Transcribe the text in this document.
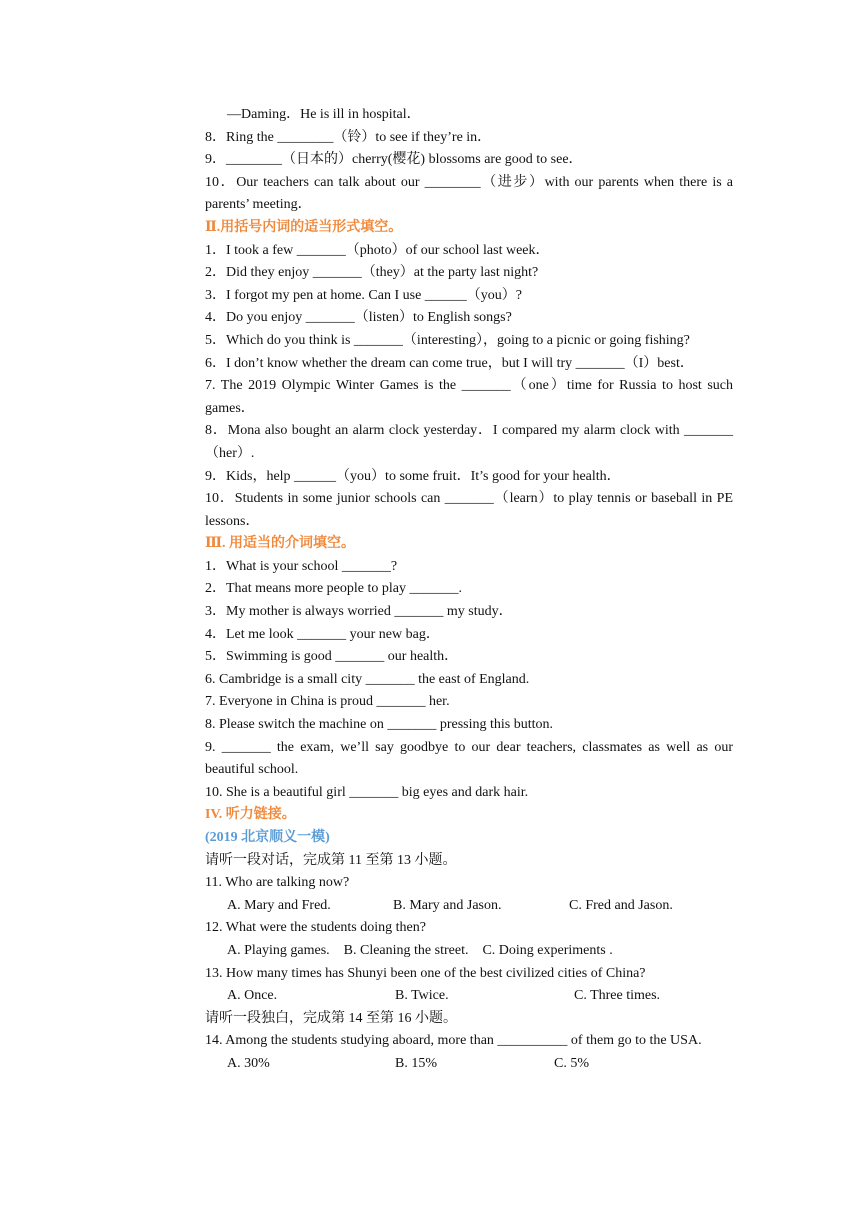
—Daming．He is ill in hospital．
8．Ring the ________（铃）to see if they’re in．
9．________（日本的）cherry(樱花) blossoms are good to see．
10．Our teachers can talk about our ________（进步）with our parents when there is a parents’ meeting．
Ⅱ.用括号内词的适当形式填空。
1．I took a few _______（photo）of our school last week．
2．Did they enjoy _______（they）at the party last night?
3．I forgot my pen at home. Can I use ______（you）?
4．Do you enjoy _______（listen）to English songs?
5．Which do you think is _______（interesting），going to a picnic or going fishing?
6．I don’t know whether the dream can come true，but I will try _______（I）best．
7. The 2019 Olympic Winter Games is the _______（one）time for Russia to host such games．
8．Mona also bought an alarm clock yesterday．I compared my alarm clock with _______（her）.
9．Kids，help ______（you）to some fruit．It’s good for your health．
10．Students in some junior schools can _______（learn）to play tennis or baseball in PE lessons．
Ⅲ. 用适当的介词填空。
1．What is your school _______?
2．That means more people to play _______.
3．My mother is always worried _______ my study．
4．Let me look _______ your new bag．
5．Swimming is good _______ our health．
6. Cambridge is a small city _______ the east of England.
7. Everyone in China is proud _______ her.
8. Please switch the machine on _______ pressing this button.
9. _______ the exam, we’ll say goodbye to our dear teachers, classmates as well as our beautiful school.
10. She is a beautiful girl _______ big eyes and dark hair.
IV. 听力链接。
(2019 北京顺义一模)
请听一段对话，完成第 11 至第 13 小题。
11. Who are talking now?
A. Mary and Fred.	B. Mary and Jason.	C. Fred and Jason.
12. What were the students doing then?
A. Playing games.    B. Cleaning the street.    C. Doing experiments .
13. How many times has Shunyi been one of the best civilized cities of China?
A. Once.	B. Twice.	C. Three times.
请听一段独白，完成第 14 至第 16 小题。
14. Among the students studying aboard, more than __________ of them go to the USA.
A. 30%	B. 15%	C. 5%
